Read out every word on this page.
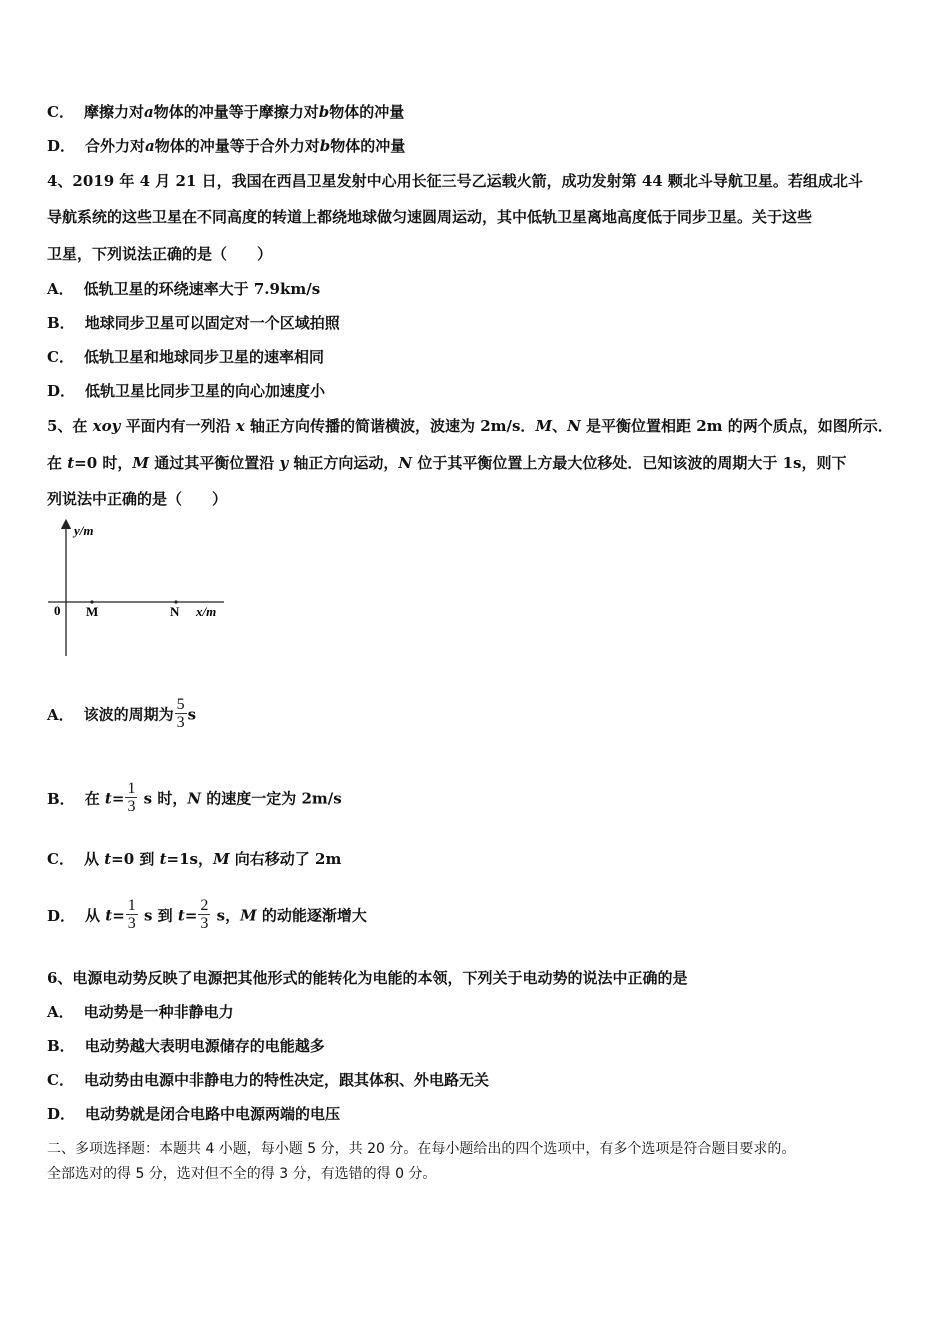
C． 摩擦力对a物体的冲量等于摩擦力对b物体的冲量
D． 合外力对a物体的冲量等于合外力对b物体的冲量
4、2019 年 4 月 21 日，我国在西昌卫星发射中心用长征三号乙运载火箭，成功发射第 44 颗北斗导航卫星。若组成北斗
导航系统的这些卫星在不同高度的转道上都绕地球做匀速圆周运动，其中低轨卫星离地高度低于同步卫星。关于这些
卫星，下列说法正确的是（　　）
A． 低轨卫星的环绕速率大于 7.9km/s
B． 地球同步卫星可以固定对一个区域拍照
C． 低轨卫星和地球同步卫星的速率相同
D． 低轨卫星比同步卫星的向心加速度小
5、在 xoy 平面内有一列沿 x 轴正方向传播的简谐横波，波速为 2m/s．M、N 是平衡位置相距 2m 的两个质点，如图所示．
在 t=0 时，M 通过其平衡位置沿 y 轴正方向运动，N 位于其平衡位置上方最大位移处．已知该波的周期大于 1s，则下
列说法中正确的是（　　）
y/m
0 M	N x/m
A． 该波的周期为 $\frac{5}{3}$ s
B． 在 $t= \frac{1}{3}$ s 时，N 的速度一定为 2m/s
C． 从 t=0 到 t=1s，M 向右移动了 2m
D． 从 $t= \frac{1}{3}$ s 到 $t= \frac{2}{3}$ s，M 的动能逐渐增大
6、电源电动势反映了电源把其他形式的能转化为电能的本领，下列关于电动势的说法中正确的是
A． 电动势是一种非静电力
B． 电动势越大表明电源储存的电能越多
C． 电动势由电源中非静电力的特性决定，跟其体积、外电路无关
D． 电动势就是闭合电路中电源两端的电压
二、多项选择题：本题共 4 小题，每小题 5 分，共 20 分。在每小题给出的四个选项中，有多个选项是符合题目要求的。
全部选对的得 5 分，选对但不全的得 3 分，有选错的得 0 分。
